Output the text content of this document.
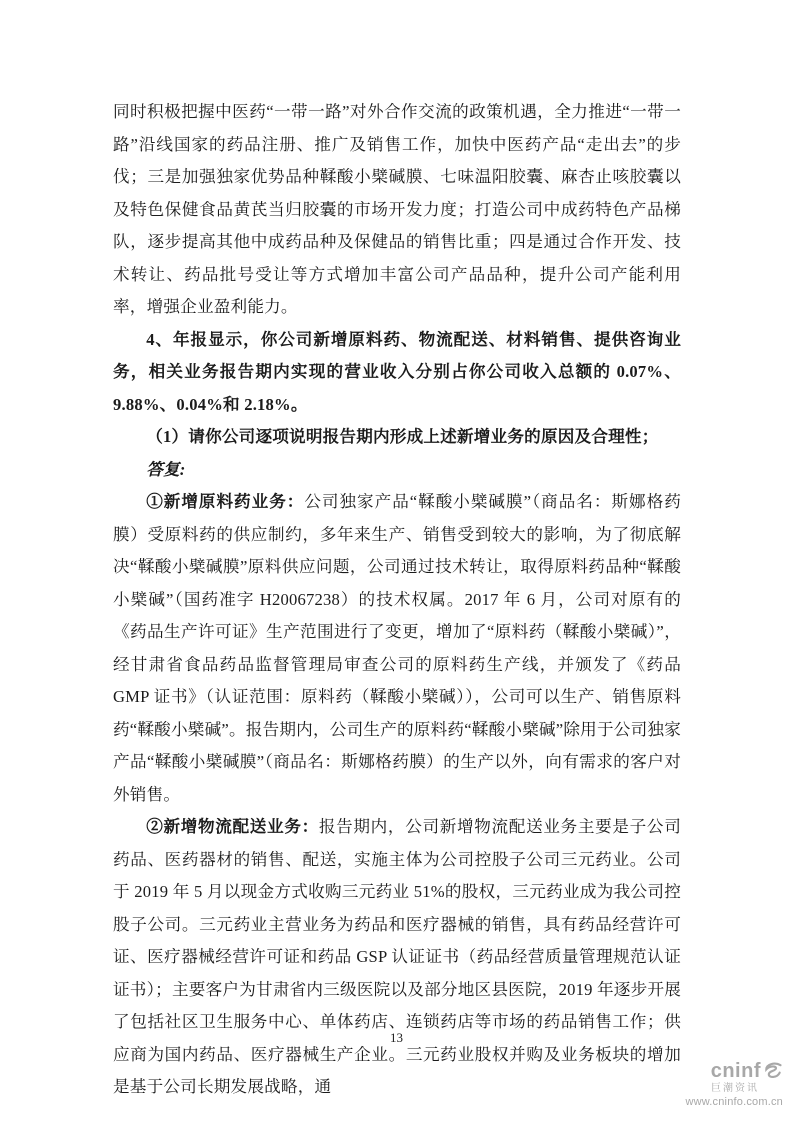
同时积极把握中医药“一带一路”对外合作交流的政策机遇，全力推进“一带一路”沿线国家的药品注册、推广及销售工作，加快中医药产品“走出去”的步伐；三是加强独家优势品种鞣酸小檗碱膜、七味温阳胶囊、麻杏止咳胶囊以及特色保健食品黄芪当归胶囊的市场开发力度；打造公司中成药特色产品梯队，逐步提高其他中成药品种及保健品的销售比重；四是通过合作开发、技术转让、药品批号受让等方式增加丰富公司产品品种，提升公司产能利用率，增强企业盈利能力。

4、年报显示，你公司新增原料药、物流配送、材料销售、提供咨询业务，相关业务报告期内实现的营业收入分别占你公司收入总额的 0.07%、9.88%、0.04%和 2.18%。

（1）请你公司逐项说明报告期内形成上述新增业务的原因及合理性；

答复:

①新增原料药业务：公司独家产品“鞣酸小檗碱膜”（商品名：斯娜格药膜）受原料药的供应制约，多年来生产、销售受到较大的影响，为了彻底解决“鞣酸小檗碱膜”原料供应问题，公司通过技术转让，取得原料药品种“鞣酸小檗碱”（国药准字 H20067238）的技术权属。2017 年 6 月，公司对原有的《药品生产许可证》生产范围进行了变更，增加了“原料药（鞣酸小檗碱）”，经甘肃省食品药品监督管理局审查公司的原料药生产线，并颁发了《药品 GMP 证书》（认证范围：原料药（鞣酸小檗碱）），公司可以生产、销售原料药“鞣酸小檗碱”。报告期内，公司生产的原料药“鞣酸小檗碱”除用于公司独家产品“鞣酸小檗碱膜”（商品名：斯娜格药膜）的生产以外，向有需求的客户对外销售。

②新增物流配送业务：报告期内，公司新增物流配送业务主要是子公司药品、医药器材的销售、配送，实施主体为公司控股子公司三元药业。公司于 2019 年 5 月以现金方式收购三元药业 51%的股权，三元药业成为我公司控股子公司。三元药业主营业务为药品和医疗器械的销售，具有药品经营许可证、医疗器械经营许可证和药品 GSP 认证证书（药品经营质量管理规范认证证书）；主要客户为甘肃省内三级医院以及部分地区县医院，2019 年逐步开展了包括社区卫生服务中心、单体药店、连锁药店等市场的药品销售工作；供应商为国内药品、医疗器械生产企业。三元药业股权并购及业务板块的增加是基于公司长期发展战略，通

13
cninf
巨潮资讯
www.cninfo.com.cn
